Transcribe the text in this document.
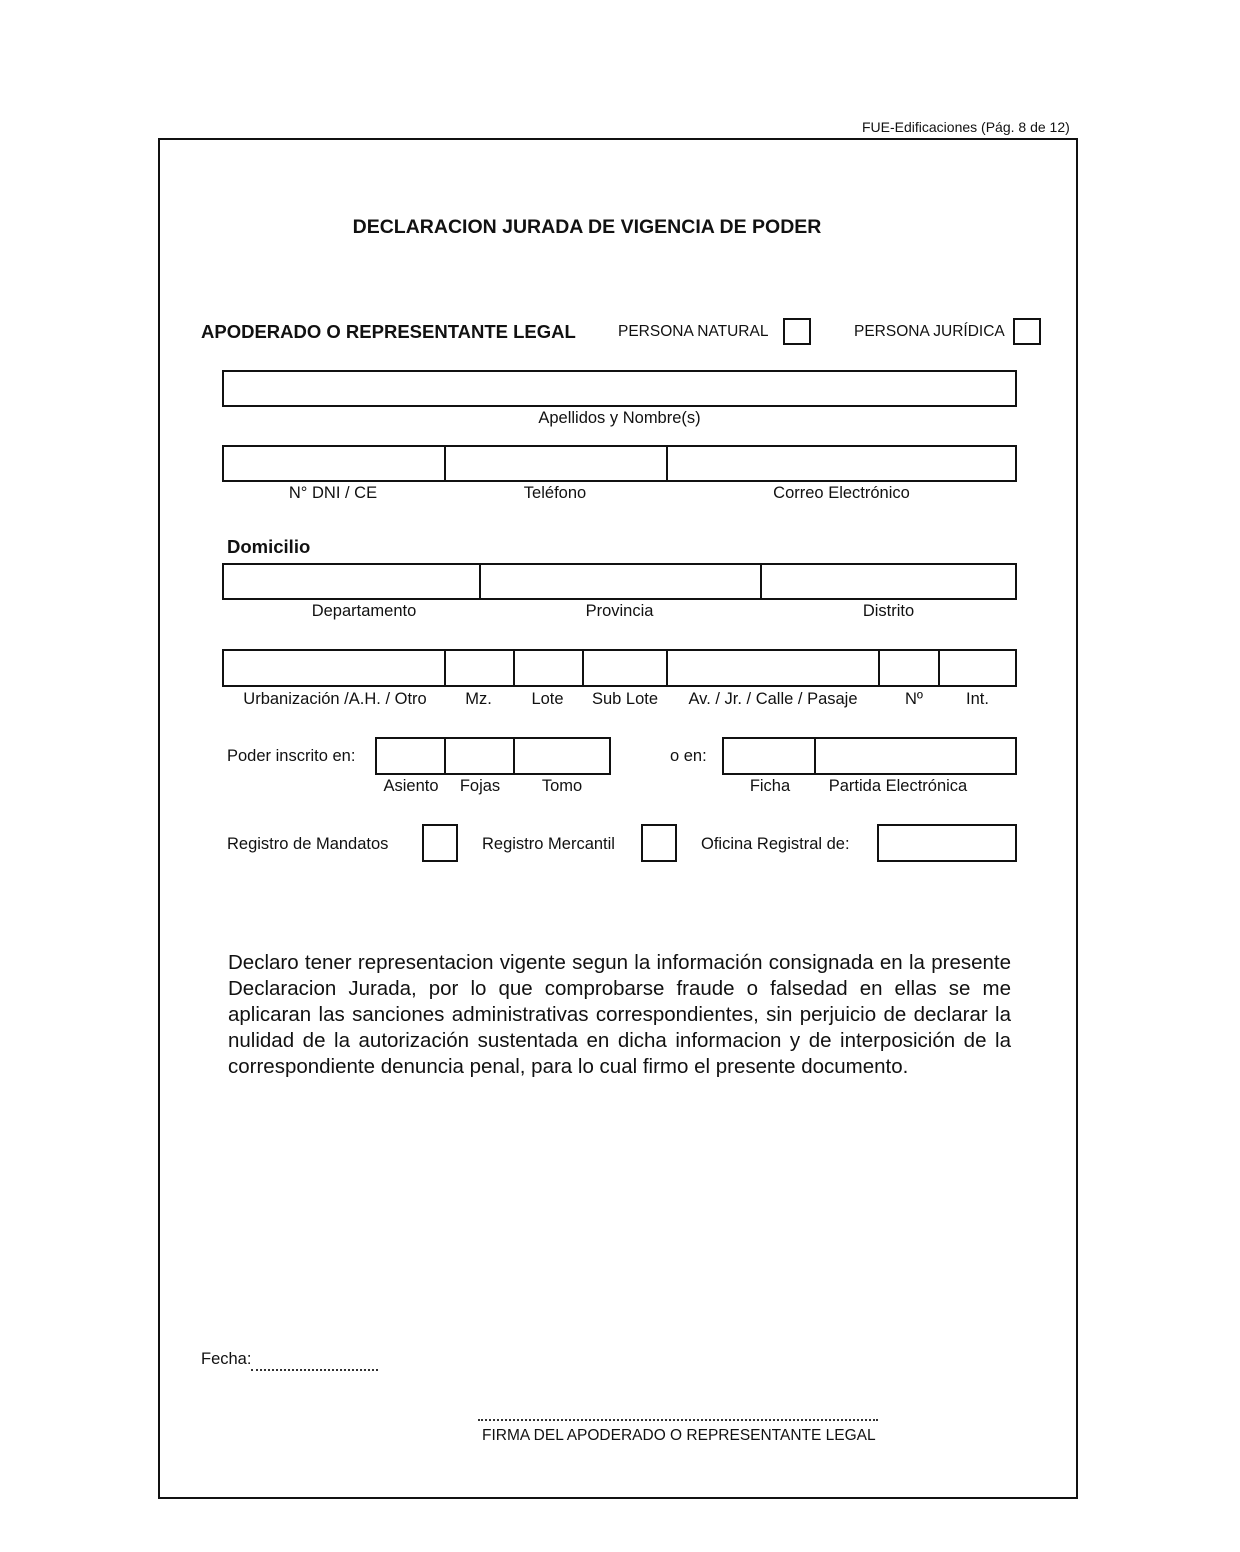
FUE-Edificaciones (Pág. 8 de 12)
DECLARACION JURADA DE VIGENCIA DE PODER
APODERADO O REPRESENTANTE LEGAL	PERSONA NATURAL	PERSONA JURÍDICA
Apellidos y Nombre(s)
N° DNI / CE	Teléfono	Correo Electrónico
Domicilio
Departamento	Provincia	Distrito
Urbanización /A.H. / Otro	Mz.	Lote	Sub Lote	Av. / Jr. / Calle / Pasaje	Nº	Int.
Poder inscrito en:
Asiento	Fojas	Tomo
o en:
Ficha	Partida Electrónica
Registro de Mandatos	Registro Mercantil	Oficina Registral de:
Declaro tener representacion vigente segun la información consignada en la presente Declaracion Jurada, por lo que comprobarse fraude o falsedad en ellas se me aplicaran las sanciones administrativas correspondientes, sin perjuicio de declarar la nulidad de la autorización sustentada en dicha informacion y de interposición de la correspondiente denuncia penal, para lo cual firmo el presente documento.
Fecha:
FIRMA DEL APODERADO O REPRESENTANTE LEGAL
